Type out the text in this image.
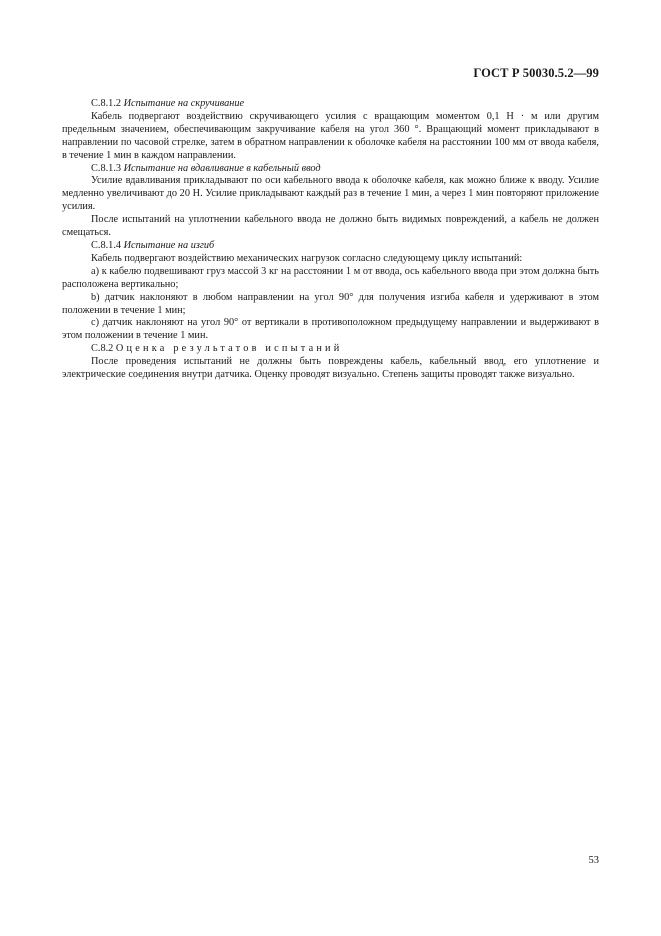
ГОСТ Р 50030.5.2—99
С.8.1.2 Испытание на скручивание

Кабель подвергают воздействию скручивающего усилия с вращающим моментом 0,1 Н · м или другим предельным значением, обеспечивающим закручивание кабеля на угол 360 °. Вращающий момент прикладывают в направлении по часовой стрелке, затем в обратном направлении к оболочке кабеля на расстоянии 100 мм от ввода кабеля, в течение 1 мин в каждом направлении.

С.8.1.3 Испытание на вдавливание в кабельный ввод

Усилие вдавливания прикладывают по оси кабельного ввода к оболочке кабеля, как можно ближе к вводу. Усилие медленно увеличивают до 20 Н. Усилие прикладывают каждый раз в течение 1 мин, а через 1 мин повторяют приложение усилия.

После испытаний на уплотнении кабельного ввода не должно быть видимых повреждений, а кабель не должен смещаться.

С.8.1.4 Испытание на изгиб

Кабель подвергают воздействию механических нагрузок согласно следующему циклу испытаний:

а) к кабелю подвешивают груз массой 3 кг на расстоянии 1 м от ввода, ось кабельного ввода при этом должна быть расположена вертикально;

b) датчик наклоняют в любом направлении на угол 90° для получения изгиба кабеля и удерживают в этом положении в течение 1 мин;

с) датчик наклоняют на угол 90° от вертикали в противоположном предыдущему направлении и выдерживают в этом положении в течение 1 мин.

С.8.2 Оценка результатов испытаний

После проведения испытаний не должны быть повреждены кабель, кабельный ввод, его уплотнение и электрические соединения внутри датчика. Оценку проводят визуально. Степень защиты проводят также визуально.

53
